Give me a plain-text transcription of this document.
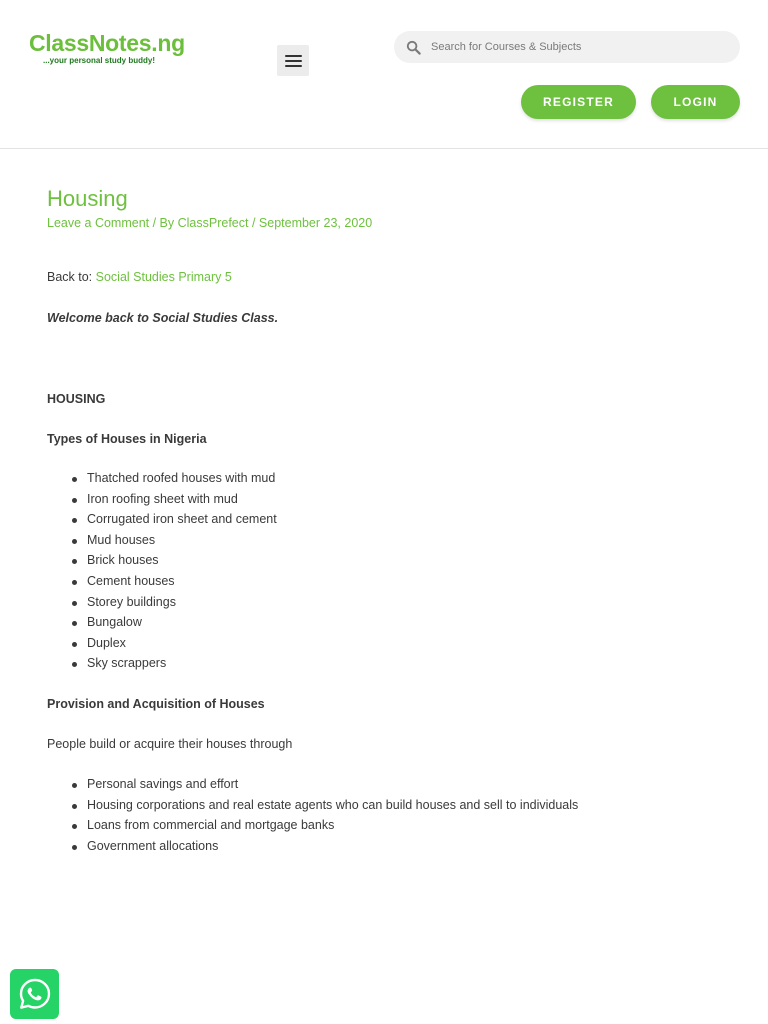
ClassNotes.ng
...your personal study buddy!
Search for Courses & Subjects
REGISTER	LOGIN
Housing
Leave a Comment / By ClassPrefect / September 23, 2020
Back to: Social Studies Primary 5
Welcome back to Social Studies Class.
HOUSING
Types of Houses in Nigeria
Thatched roofed houses with mud
Iron roofing sheet with mud
Corrugated iron sheet and cement
Mud houses
Brick houses
Cement houses
Storey buildings
Bungalow
Duplex
Sky scrappers
Provision and Acquisition of Houses
People build or acquire their houses through
Personal savings and effort
Housing corporations and real estate agents who can build houses and sell to individuals
Loans from commercial and mortgage banks
Government allocations
